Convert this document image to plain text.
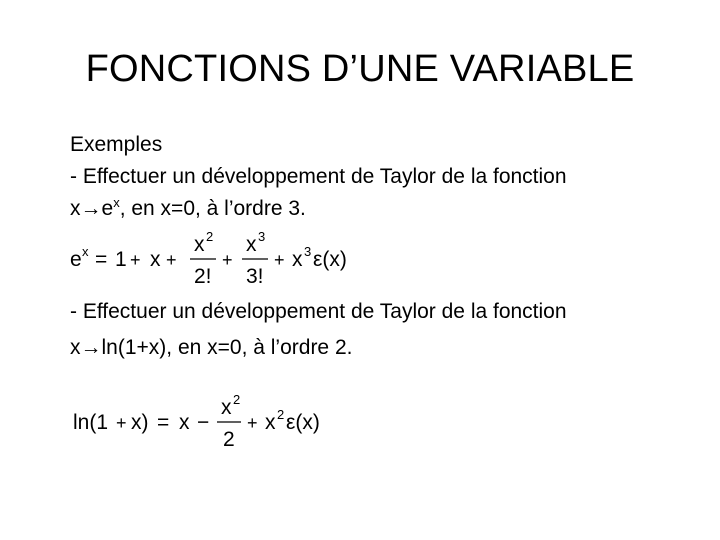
FONCTIONS D’UNE VARIABLE
Exemples
- Effectuer un développement de Taylor de la fonction
$x\to e^x$, en x=0, à l’ordre 3.
e x = 1 + x +
x 2
2!
+
x 3
3!
+ x 3 ε(x)
- Effectuer un développement de Taylor de la fonction
x→ln(1+x), en x=0, à l’ordre 2.
ln(1 + x) = x −
x 2
2
+ x 2 ε(x)
